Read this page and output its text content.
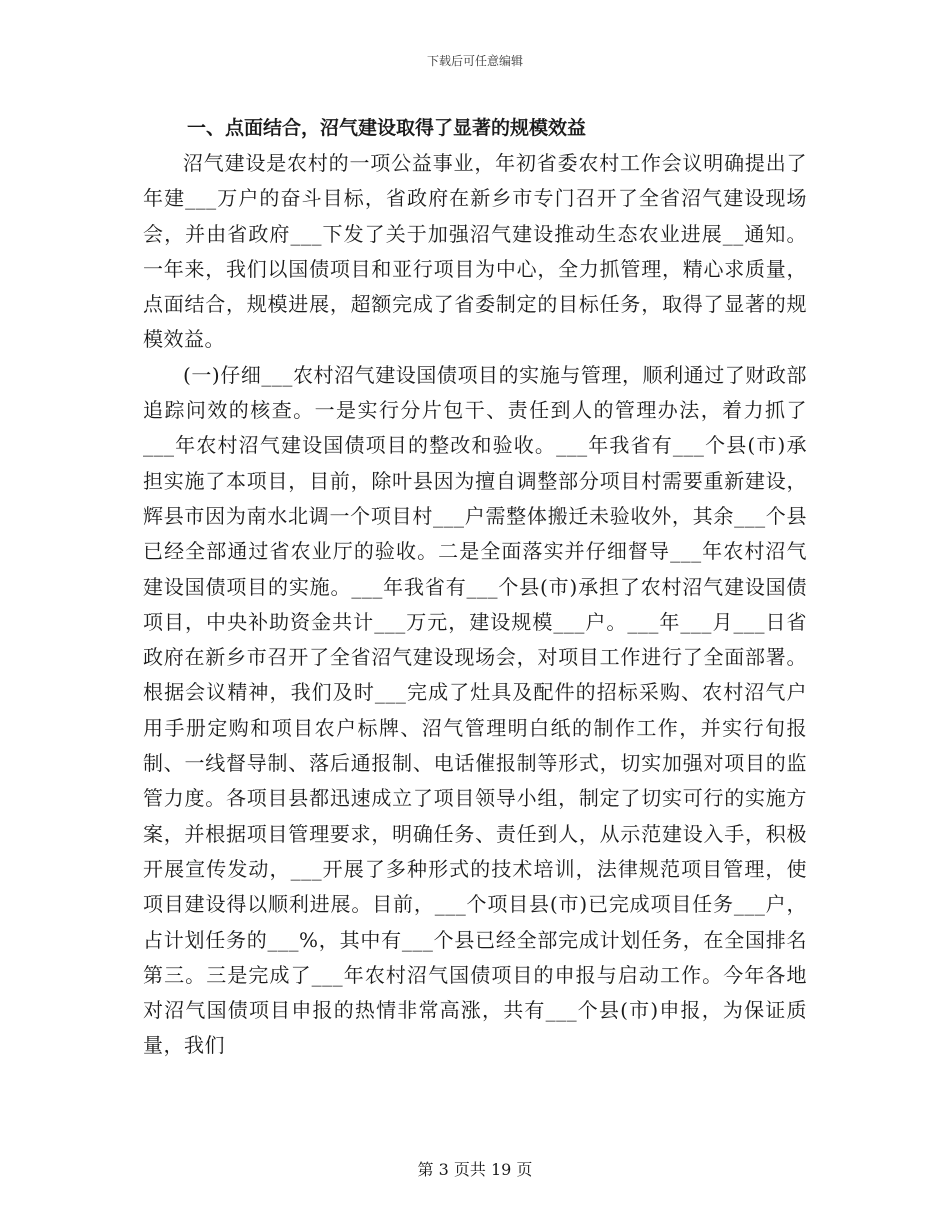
下载后可任意编辑
一、点面结合，沼气建设取得了显著的规模效益

沼气建设是农村的一项公益事业，年初省委农村工作会议明确提出了年建___万户的奋斗目标，省政府在新乡市专门召开了全省沼气建设现场会，并由省政府___下发了关于加强沼气建设推动生态农业进展__通知。一年来，我们以国债项目和亚行项目为中心，全力抓管理，精心求质量，点面结合，规模进展，超额完成了省委制定的目标任务，取得了显著的规模效益。

(一)仔细___农村沼气建设国债项目的实施与管理，顺利通过了财政部追踪问效的核查。一是实行分片包干、责任到人的管理办法，着力抓了___年农村沼气建设国债项目的整改和验收。___年我省有___个县(市)承担实施了本项目，目前，除叶县因为擅自调整部分项目村需要重新建设，辉县市因为南水北调一个项目村___户需整体搬迁未验收外，其余___个县已经全部通过省农业厅的验收。二是全面落实并仔细督导___年农村沼气建设国债项目的实施。___年我省有___个县(市)承担了农村沼气建设国债项目，中央补助资金共计___万元，建设规模___户。___年___月___日省政府在新乡市召开了全省沼气建设现场会，对项目工作进行了全面部署。根据会议精神，我们及时___完成了灶具及配件的招标采购、农村沼气户用手册定购和项目农户标牌、沼气管理明白纸的制作工作，并实行旬报制、一线督导制、落后通报制、电话催报制等形式，切实加强对项目的监管力度。各项目县都迅速成立了项目领导小组，制定了切实可行的实施方案，并根据项目管理要求，明确任务、责任到人，从示范建设入手，积极开展宣传发动，___开展了多种形式的技术培训，法律规范项目管理，使项目建设得以顺利进展。目前，___个项目县(市)已完成项目任务___户，占计划任务的___%，其中有___个县已经全部完成计划任务，在全国排名第三。三是完成了___年农村沼气国债项目的申报与启动工作。今年各地对沼气国债项目申报的热情非常高涨，共有___个县(市)申报，为保证质量，我们

第 3 页共 19 页
